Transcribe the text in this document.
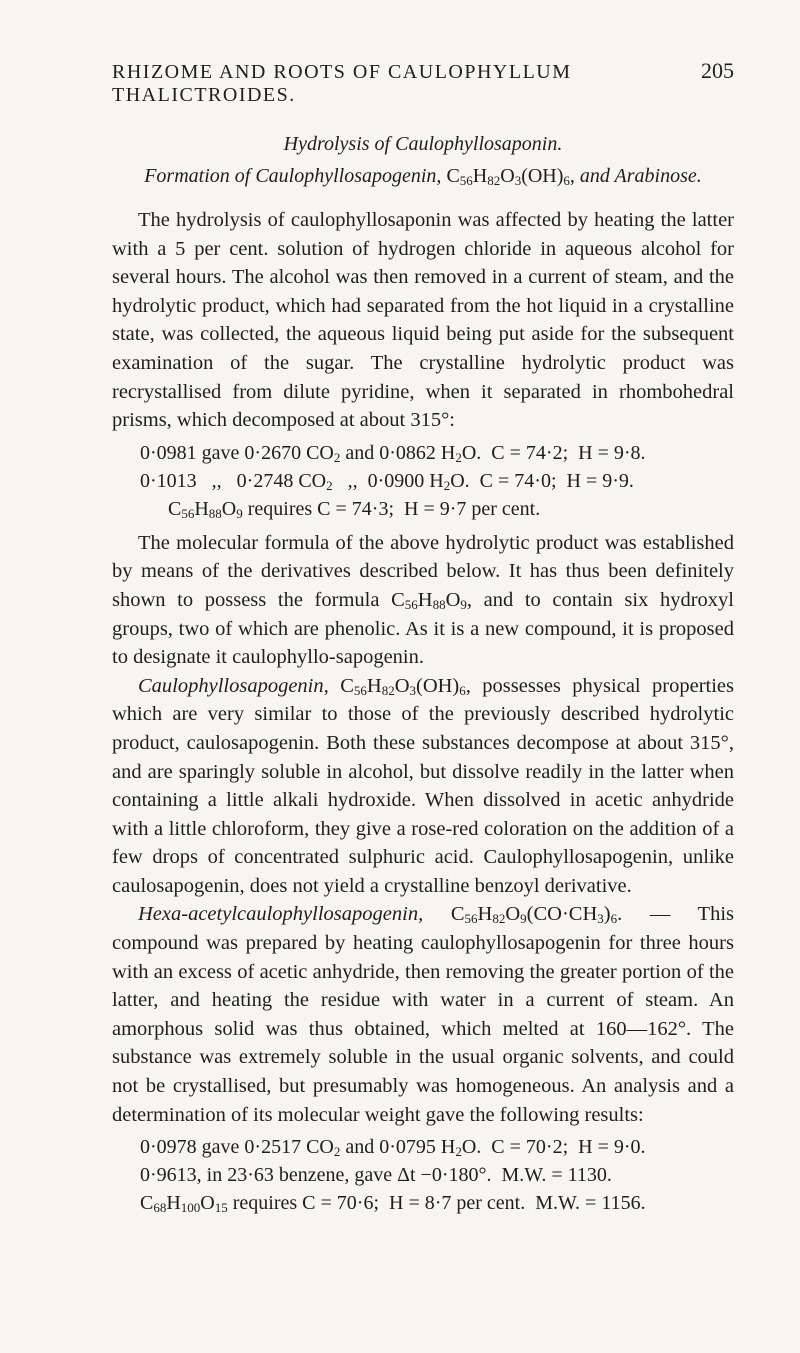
RHIZOME AND ROOTS OF CAULOPHYLLUM THALICTROIDES.
205
Hydrolysis of Caulophyllosaponin.
Formation of Caulophyllosapogenin, $C_{56}H_{82}O_3(OH)_6$, and Arabinose.

The hydrolysis of caulophyllosaponin was affected by heating the latter with a 5 per cent. solution of hydrogen chloride in aqueous alcohol for several hours. The alcohol was then removed in a current of steam, and the hydrolytic product, which had separated from the hot liquid in a crystalline state, was collected, the aqueous liquid being put aside for the subsequent examination of the sugar. The crystalline hydrolytic product was recrystallised from dilute pyridine, when it separated in rhombohedral prisms, which decomposed at about 315°:

0·0981 gave 0·2670 $CO_2$ and 0·0862 $H_2O$.  C = 74·2;  H = 9·8.
0·1013   ,,   0·2748 $CO_2$   ,,  0·0900 $H_2O$.  C = 74·0;  H = 9·9.
$C_{56}H_{88}O_9$ requires C = 74·3;  H = 9·7 per cent.

The molecular formula of the above hydrolytic product was established by means of the derivatives described below. It has thus been definitely shown to possess the formula $C_{56}H_{88}O_9$, and to contain six hydroxyl groups, two of which are phenolic. As it is a new compound, it is proposed to designate it caulophyllo-sapogenin.

Caulophyllosapogenin, $C_{56}H_{82}O_3(OH)_6$, possesses physical properties which are very similar to those of the previously described hydrolytic product, caulosapogenin. Both these substances decompose at about 315°, and are sparingly soluble in alcohol, but dissolve readily in the latter when containing a little alkali hydroxide. When dissolved in acetic anhydride with a little chloroform, they give a rose-red coloration on the addition of a few drops of concentrated sulphuric acid. Caulophyllosapogenin, unlike caulosapogenin, does not yield a crystalline benzoyl derivative.

Hexa-acetylcaulophyllosapogenin, $C_{56}H_{82}O_9(CO\cdot CH_3)_6$. — This compound was prepared by heating caulophyllosapogenin for three hours with an excess of acetic anhydride, then removing the greater portion of the latter, and heating the residue with water in a current of steam. An amorphous solid was thus obtained, which melted at 160—162°. The substance was extremely soluble in the usual organic solvents, and could not be crystallised, but presumably was homogeneous. An analysis and a determination of its molecular weight gave the following results:

0·0978 gave 0·2517 $CO_2$ and 0·0795 $H_2O$.  C = 70·2;  H = 9·0.
0·9613, in 23·63 benzene, gave Δt −0·180°.  M.W. = 1130.
$C_{68}H_{100}O_{15}$ requires C = 70·6;  H = 8·7 per cent.  M.W. = 1156.
